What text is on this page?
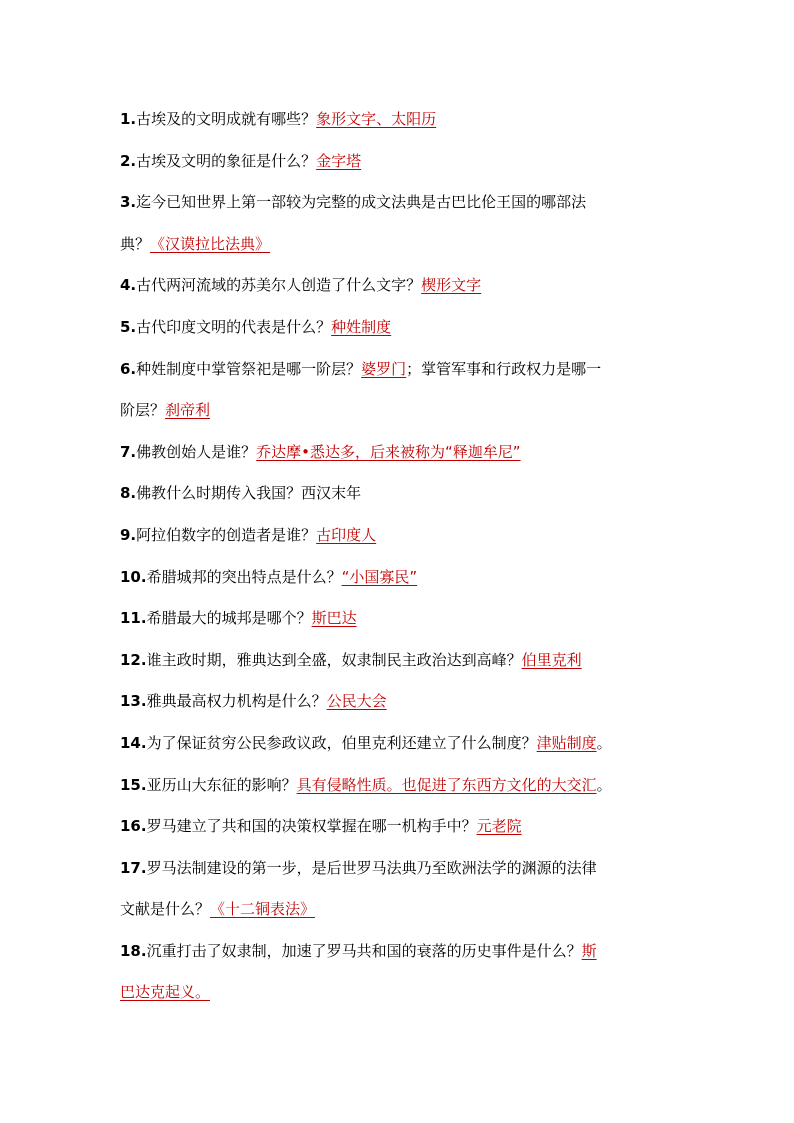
1.古埃及的文明成就有哪些？象形文字、太阳历
2.古埃及文明的象征是什么？金字塔
3.迄今已知世界上第一部较为完整的成文法典是古巴比伦王国的哪部法
典？《汉谟拉比法典》
4.古代两河流域的苏美尔人创造了什么文字？楔形文字
5.古代印度文明的代表是什么？种姓制度
6.种姓制度中掌管祭祀是哪一阶层？婆罗门；掌管军事和行政权力是哪一
阶层？刹帝利
7.佛教创始人是谁？乔达摩•悉达多，后来被称为“释迦牟尼”
8.佛教什么时期传入我国？西汉末年
9.阿拉伯数字的创造者是谁？古印度人
10.希腊城邦的突出特点是什么？“小国寡民”
11.希腊最大的城邦是哪个？斯巴达
12.谁主政时期，雅典达到全盛，奴隶制民主政治达到高峰？伯里克利
13.雅典最高权力机构是什么？公民大会
14.为了保证贫穷公民参政议政，伯里克利还建立了什么制度？津贴制度。
15.亚历山大东征的影响？具有侵略性质。也促进了东西方文化的大交汇。
16.罗马建立了共和国的决策权掌握在哪一机构手中？元老院
17.罗马法制建设的第一步，是后世罗马法典乃至欧洲法学的渊源的法律
文献是什么？《十二铜表法》
18.沉重打击了奴隶制，加速了罗马共和国的衰落的历史事件是什么？斯
巴达克起义。
